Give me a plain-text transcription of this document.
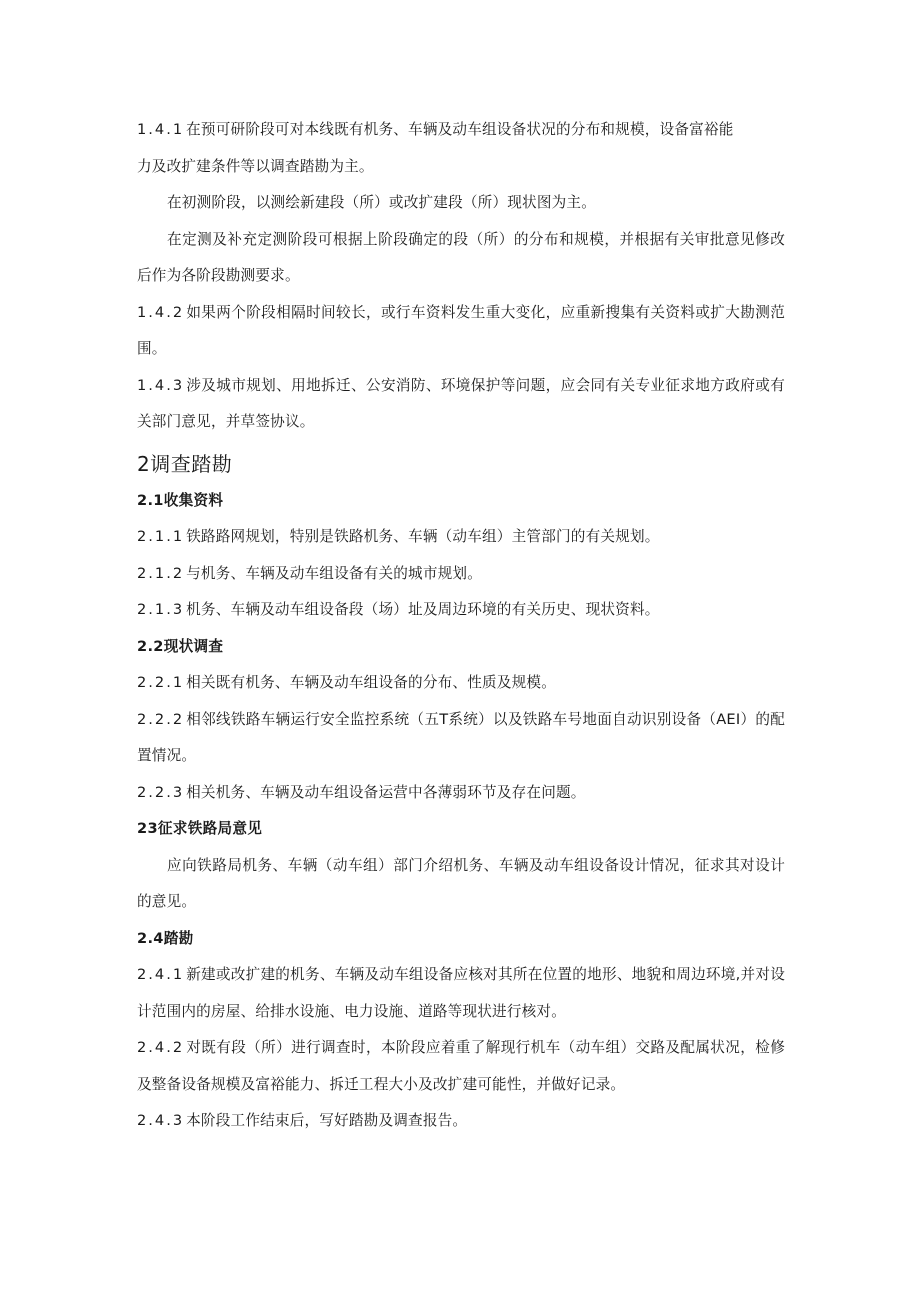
1.4.1 在预可研阶段可对本线既有机务、车辆及动车组设备状况的分布和规模，设备富裕能
力及改扩建条件等以调查踏勘为主。

在初测阶段，以测绘新建段（所）或改扩建段（所）现状图为主。

在定测及补充定测阶段可根据上阶段确定的段（所）的分布和规模，并根据有关审批意见修改后作为各阶段勘测要求。

1.4.2 如果两个阶段相隔时间较长，或行车资料发生重大变化，应重新搜集有关资料或扩大勘测范围。

1.4.3 涉及城市规划、用地拆迁、公安消防、环境保护等问题，应会同有关专业征求地方政府或有关部门意见，并草签协议。

2调查踏勘
2.1收集资料

2.1.1 铁路路网规划，特别是铁路机务、车辆（动车组）主管部门的有关规划。

2.1.2 与机务、车辆及动车组设备有关的城市规划。

2.1.3 机务、车辆及动车组设备段（场）址及周边环境的有关历史、现状资料。

2.2现状调查

2.2.1 相关既有机务、车辆及动车组设备的分布、性质及规模。

2.2.2 相邻线铁路车辆运行安全监控系统（五T系统）以及铁路车号地面自动识别设备（AEI）的配置情况。

2.2.3 相关机务、车辆及动车组设备运营中各薄弱环节及存在问题。

23征求铁路局意见

应向铁路局机务、车辆（动车组）部门介绍机务、车辆及动车组设备设计情况，征求其对设计的意见。

2.4踏勘

2.4.1 新建或改扩建的机务、车辆及动车组设备应核对其所在位置的地形、地貌和周边环境,并对设计范围内的房屋、给排水设施、电力设施、道路等现状进行核对。

2.4.2 对既有段（所）进行调查时，本阶段应着重了解现行机车（动车组）交路及配属状况，检修及整备设备规模及富裕能力、拆迁工程大小及改扩建可能性，并做好记录。

2.4.3 本阶段工作结束后，写好踏勘及调查报告。
